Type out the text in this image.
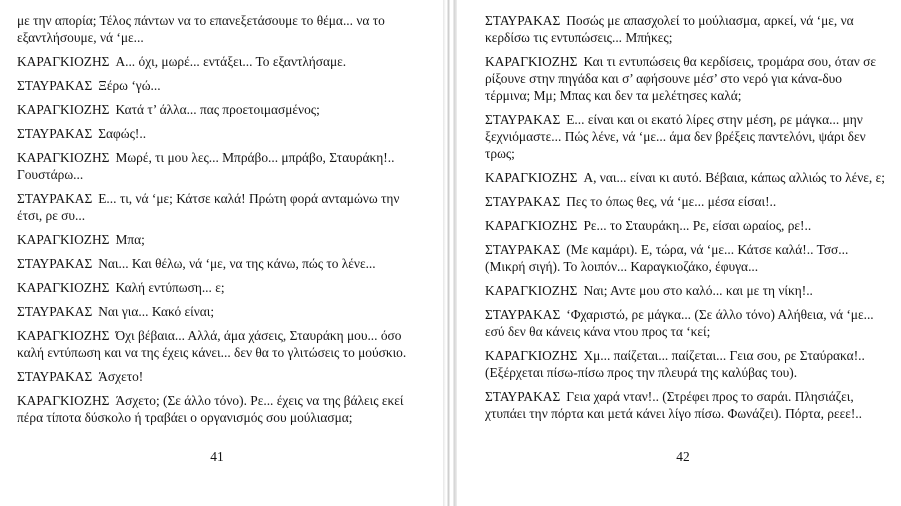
με την απορία; Τέλος πάντων να το επανεξετάσουμε το θέμα... να το εξαντλήσουμε, νά ‘με...
ΚΑΡΑΓΚΙΟΖΗΣ Α... όχι, μωρέ... εντάξει... Το εξαντλήσαμε.
ΣΤΑΥΡΑΚΑΣ Ξέρω ‘γώ...
ΚΑΡΑΓΚΙΟΖΗΣ Κατά τ’ άλλα... πας προετοιμασμένος;
ΣΤΑΥΡΑΚΑΣ Σαφώς!..
ΚΑΡΑΓΚΙΟΖΗΣ Μωρέ, τι μου λες... Μπράβο... μπράβο, Σταυράκη!.. Γουστάρω...
ΣΤΑΥΡΑΚΑΣ Ε... τι, νά ‘με; Κάτσε καλά! Πρώτη φορά ανταμώνω την έτσι, ρε συ...
ΚΑΡΑΓΚΙΟΖΗΣ Μπα;
ΣΤΑΥΡΑΚΑΣ Ναι... Και θέλω, νά ‘με, να της κάνω, πώς το λένε...
ΚΑΡΑΓΚΙΟΖΗΣ Καλή εντύπωση... ε;
ΣΤΑΥΡΑΚΑΣ Ναι για... Κακό είναι;
ΚΑΡΑΓΚΙΟΖΗΣ Όχι βέβαια... Αλλά, άμα χάσεις, Σταυράκη μου... όσο καλή εντύπωση και να της έχεις κάνει... δεν θα το γλιτώσεις το μούσκιο.
ΣΤΑΥΡΑΚΑΣ Άσχετο!
ΚΑΡΑΓΚΙΟΖΗΣ Άσχετο; (Σε άλλο τόνο). Ρε... έχεις να της βάλεις εκεί πέρα τίποτα δύσκολο ή τραβάει ο οργανισμός σου μούλιασμα;
41
ΣΤΑΥΡΑΚΑΣ Ποσώς με απασχολεί το μούλιασμα, αρκεί, νά ‘με, να κερδίσω τις εντυπώσεις... Μπήκες;
ΚΑΡΑΓΚΙΟΖΗΣ Και τι εντυπώσεις θα κερδίσεις, τρομάρα σου, όταν σε ρίξουνε στην πηγάδα και σ’ αφήσουνε μέσ’ στο νερό για κάνα-δυο τέρμινα; Μμ; Μπας και δεν τα μελέτησες καλά;
ΣΤΑΥΡΑΚΑΣ Ε... είναι και οι εκατό λίρες στην μέση, ρε μάγκα... μην ξεχνιόμαστε... Πώς λένε, νά ‘με... άμα δεν βρέξεις παντελόνι, ψάρι δεν τρως;
ΚΑΡΑΓΚΙΟΖΗΣ Α, ναι... είναι κι αυτό. Βέβαια, κάπως αλλιώς το λένε, ε;
ΣΤΑΥΡΑΚΑΣ Πες το όπως θες, νά ‘με... μέσα είσαι!..
ΚΑΡΑΓΚΙΟΖΗΣ Ρε... το Σταυράκη... Ρε, είσαι ωραίος, ρε!..
ΣΤΑΥΡΑΚΑΣ (Με καμάρι). Ε, τώρα, νά ‘με... Κάτσε καλά!.. Τσσ... (Μικρή σιγή). Το λοιπόν... Καραγκιοζάκο, έφυγα...
ΚΑΡΑΓΚΙΟΖΗΣ Ναι; Αντε μου στο καλό... και με τη νίκη!..
ΣΤΑΥΡΑΚΑΣ ‘Φχαριστώ, ρε μάγκα... (Σε άλλο τόνο) Αλήθεια, νά ‘με... εσύ δεν θα κάνεις κάνα ντου προς τα ‘κεί;
ΚΑΡΑΓΚΙΟΖΗΣ Χμ... παίζεται... παίζεται... Γεια σου, ρε Σταύρακα!.. (Εξέρχεται πίσω-πίσω προς την πλευρά της καλύβας του).
ΣΤΑΥΡΑΚΑΣ Γεια χαρά νταν!.. (Στρέφει προς το σαράι. Πλησιάζει, χτυπάει την πόρτα και μετά κάνει λίγο πίσω. Φωνάζει). Πόρτα, ρεεε!..
42
